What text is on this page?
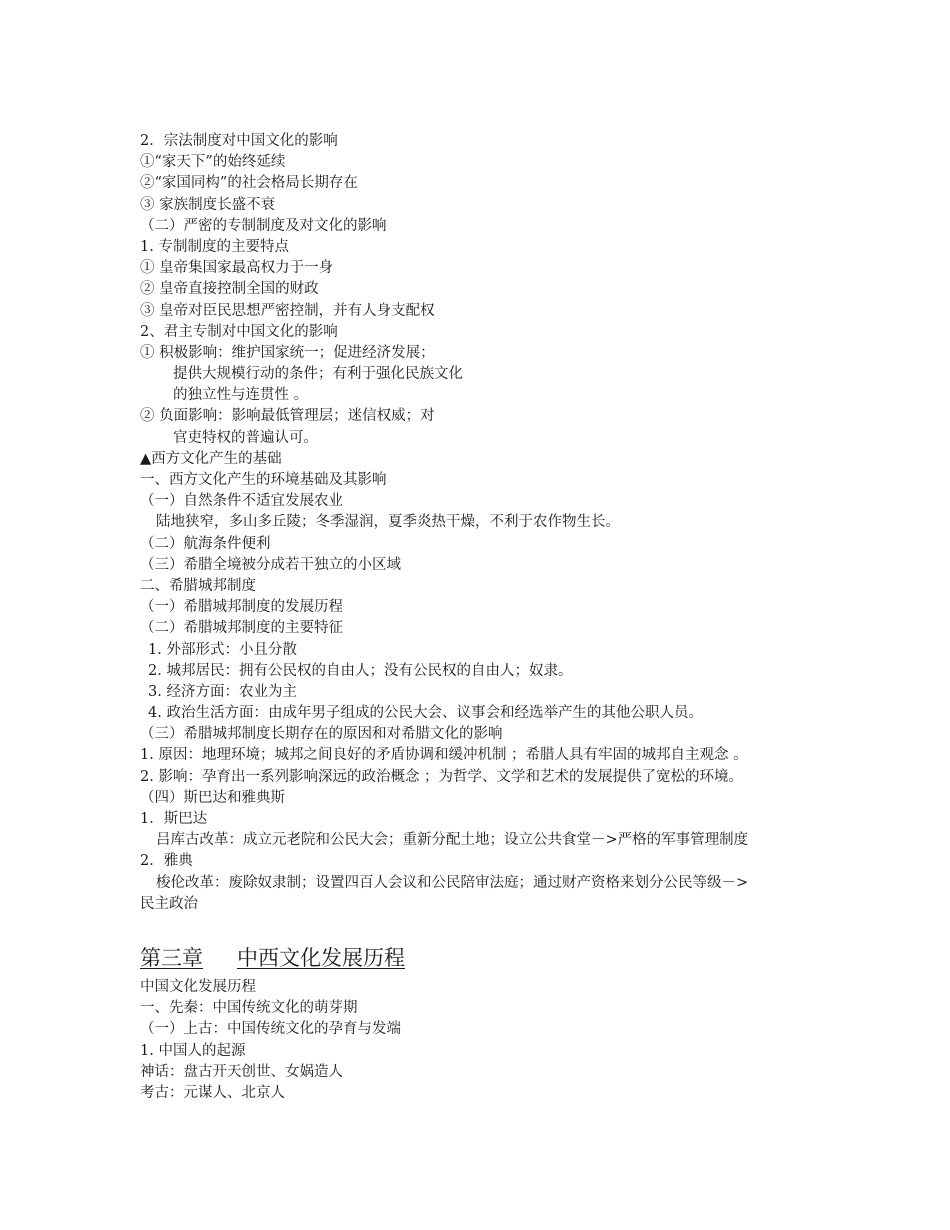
2．宗法制度对中国文化的影响
①“家天下”的始终延续
②“家国同构”的社会格局长期存在
③ 家族制度长盛不衰
（二）严密的专制制度及对文化的影响
1. 专制制度的主要特点
① 皇帝集国家最高权力于一身
② 皇帝直接控制全国的财政
③ 皇帝对臣民思想严密控制，并有人身支配权
2、君主专制对中国文化的影响
① 积极影响：维护国家统一；促进经济发展；
提供大规模行动的条件；有利于强化民族文化
的独立性与连贯性 。
② 负面影响：影响最低管理层；迷信权威；对
官吏特权的普遍认可。
▲西方文化产生的基础
一、西方文化产生的环境基础及其影响
（一）自然条件不适宜发展农业
陆地狭窄，多山多丘陵；冬季湿润，夏季炎热干燥，不利于农作物生长。
（二）航海条件便利
（三）希腊全境被分成若干独立的小区域
二、希腊城邦制度
（一）希腊城邦制度的发展历程
（二）希腊城邦制度的主要特征
1. 外部形式：小且分散
2. 城邦居民：拥有公民权的自由人；没有公民权的自由人；奴隶。
3. 经济方面：农业为主
4. 政治生活方面：由成年男子组成的公民大会、议事会和经选举产生的其他公职人员。
（三）希腊城邦制度长期存在的原因和对希腊文化的影响
1. 原因：地理环境；城邦之间良好的矛盾协调和缓冲机制 ；希腊人具有牢固的城邦自主观念 。
2. 影响：孕育出一系列影响深远的政治概念 ；为哲学、文学和艺术的发展提供了宽松的环境。
（四）斯巴达和雅典斯
1．斯巴达
吕库古改革：成立元老院和公民大会；重新分配土地；设立公共食堂－>严格的军事管理制度
2．雅典
梭伦改革：废除奴隶制；设置四百人会议和公民陪审法庭；通过财产资格来划分公民等级－>
民主政治
第三章 中西文化发展历程
中国文化发展历程
一、先秦：中国传统文化的萌芽期
（一）上古：中国传统文化的孕育与发端
1. 中国人的起源
神话：盘古开天创世、女娲造人
考古：元谋人、北京人
